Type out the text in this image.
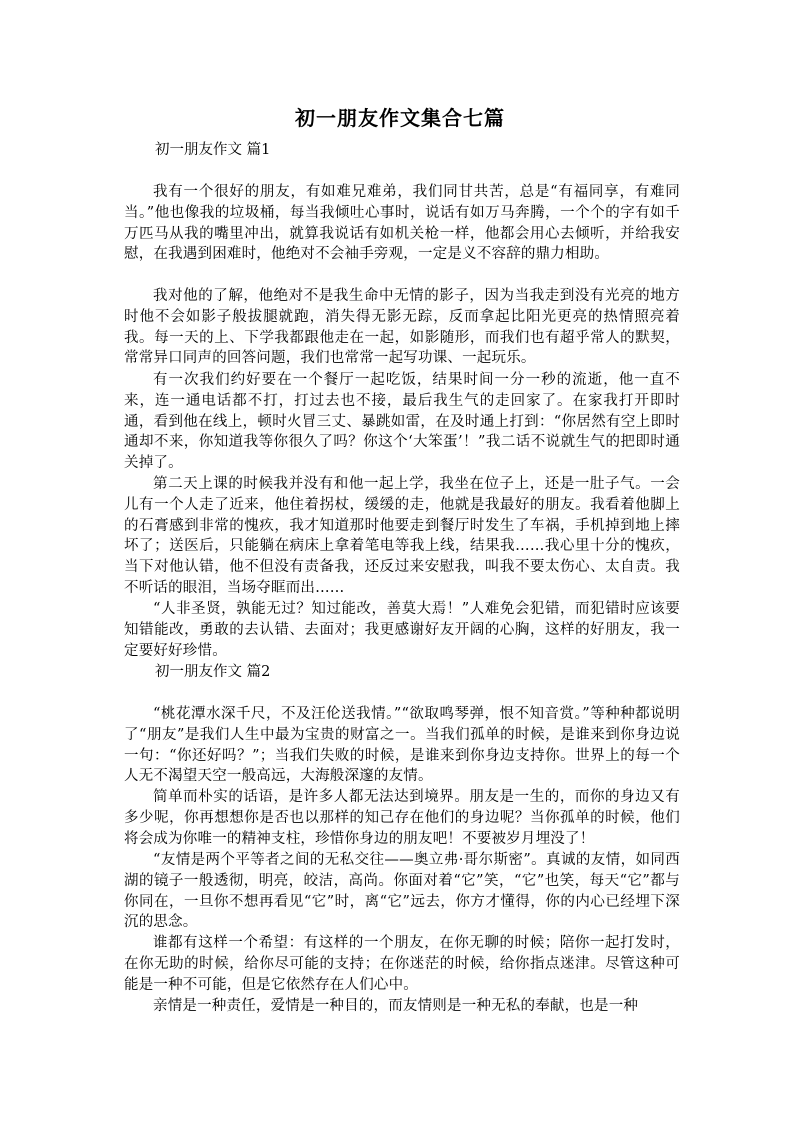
初一朋友作文集合七篇
初一朋友作文 篇1

我有一个很好的朋友，有如难兄难弟，我们同甘共苦，总是“有福同享，有难同当。”他也像我的垃圾桶，每当我倾吐心事时，说话有如万马奔腾，一个个的字有如千万匹马从我的嘴里冲出，就算我说话有如机关枪一样，他都会用心去倾听，并给我安慰，在我遇到困难时，他绝对不会袖手旁观，一定是义不容辞的鼎力相助。

我对他的了解，他绝对不是我生命中无情的影子，因为当我走到没有光亮的地方时他不会如影子般拔腿就跑，消失得无影无踪，反而拿起比阳光更亮的热情照亮着我。每一天的上、下学我都跟他走在一起，如影随形，而我们也有超乎常人的默契，常常异口同声的回答问题，我们也常常一起写功课、一起玩乐。

有一次我们约好要在一个餐厅一起吃饭，结果时间一分一秒的流逝，他一直不来，连一通电话都不打，打过去也不接，最后我生气的走回家了。在家我打开即时通，看到他在线上，顿时火冒三丈、暴跳如雷，在及时通上打到：“你居然有空上即时通却不来，你知道我等你很久了吗？你这个‘大笨蛋’！”我二话不说就生气的把即时通关掉了。

第二天上课的时候我并没有和他一起上学，我坐在位子上，还是一肚子气。一会儿有一个人走了近来，他住着拐杖，缓缓的走，他就是我最好的朋友。我看着他脚上的石膏感到非常的愧疚，我才知道那时他要走到餐厅时发生了车祸，手机掉到地上摔坏了；送医后，只能躺在病床上拿着笔电等我上线，结果我……我心里十分的愧疚，当下对他认错，他不但没有责备我，还反过来安慰我，叫我不要太伤心、太自责。我不听话的眼泪，当场夺眶而出……

“人非圣贤，孰能无过？知过能改，善莫大焉！”人难免会犯错，而犯错时应该要知错能改，勇敢的去认错、去面对；我更感谢好友开阔的心胸，这样的好朋友，我一定要好好珍惜。

初一朋友作文 篇2

“桃花潭水深千尺，不及汪伦送我情。”“欲取鸣琴弹，恨不知音赏。”等种种都说明了“朋友”是我们人生中最为宝贵的财富之一。当我们孤单的时候，是谁来到你身边说一句：“你还好吗？”；当我们失败的时候，是谁来到你身边支持你。世界上的每一个人无不渴望天空一般高远，大海般深邃的友情。

简单而朴实的话语，是许多人都无法达到境界。朋友是一生的，而你的身边又有多少呢，你再想想你是否也以那样的知己存在他们的身边呢？当你孤单的时候，他们将会成为你唯一的精神支柱，珍惜你身边的朋友吧！不要被岁月埋没了！

“友情是两个平等者之间的无私交往——奥立弗·哥尔斯密”。真诚的友情，如同西湖的镜子一般透彻，明亮，皎洁，高尚。你面对着“它”笑，“它”也笑，每天“它”都与你同在，一旦你不想再看见“它”时，离“它”远去，你方才懂得，你的内心已经埋下深沉的思念。

谁都有这样一个希望：有这样的一个朋友，在你无聊的时候；陪你一起打发时，在你无助的时候，给你尽可能的支持；在你迷茫的时候，给你指点迷津。尽管这种可能是一种不可能，但是它依然存在人们心中。

亲情是一种责任，爱情是一种目的，而友情则是一种无私的奉献，也是一种
